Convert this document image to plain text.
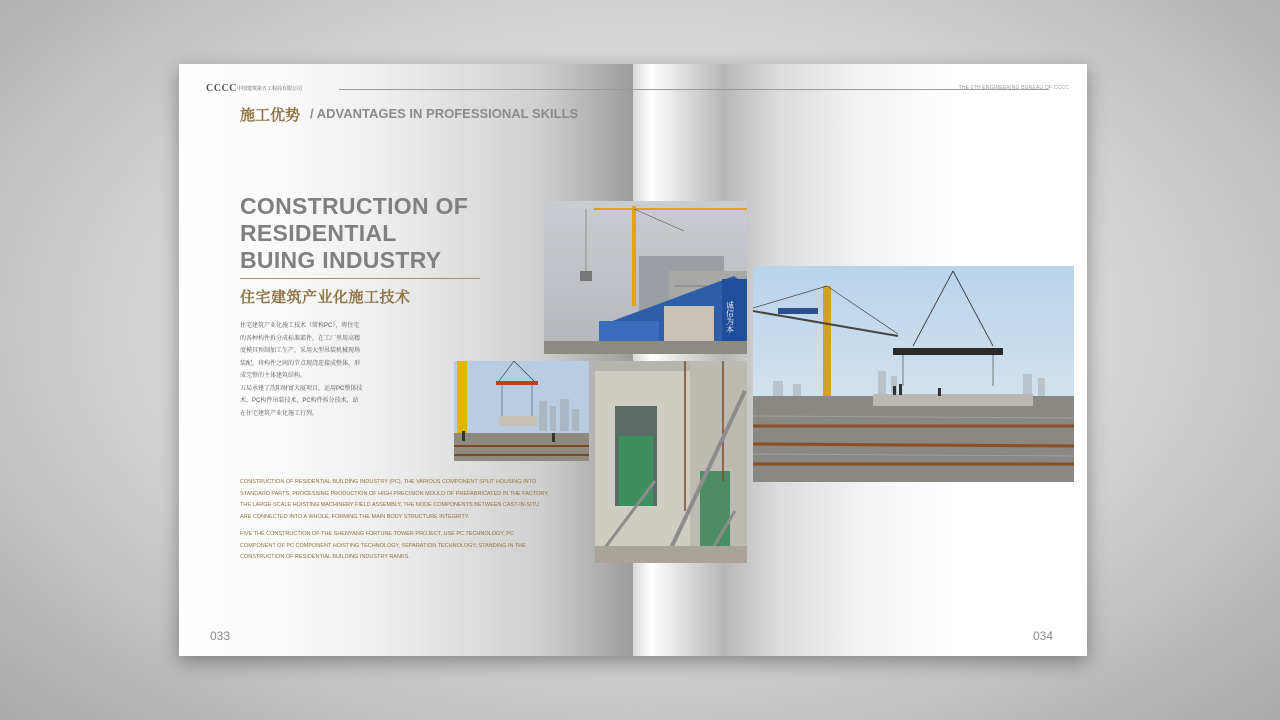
CCCC 中国建筑第五工程局有限公司	THE 5TH ENGINEERING BUREAU OF CCCC
施工优势 / ADVANTAGES IN PROFESSIONAL SKILLS
CONSTRUCTION OF
RESIDENTIAL
BUING INDUSTRY
住宅建筑产业化施工技术
住宅建筑产业化施工技术（简称PC），将住宅
的各种构件拆分成标准部件，在工厂里用高精
度模具预制加工生产，采用大型吊装机械现场
装配，将构件之间的节点现浇连接成整体，形
成完整的主体建筑结构。
五局承建了沈阳财富大厦项目，运用PC整体技
术，PC构件吊装技术，PC构件拆分技术，站
在住宅建筑产业化施工行列。

CONSTRUCTION OF RESIDENTIAL BUILDING INDUSTRY (PC), THE VARIOUS COMPONENT SPLIT HOUSING INTO STANDARD PARTS, PROCESSING PRODUCTION OF HIGH PRECISION MOULD OF PREFABRICATED IN THE FACTORY, THE LARGE-SCALE HOISTING MACHINERY FIELD ASSEMBLY, THE NODE COMPONENTS BETWEEN CAST-IN-SITU ARE CONNECTED INTO A WHOLE, FORMING THE MAIN BODY STRUCTURE INTEGRITY.

FIVE THE CONSTRUCTION OF THE SHENYANG FORTUNE TOWER PROJECT, USE PC TECHNOLOGY, PC COMPONENT OF PC COMPONENT HOISTING TECHNOLOGY, SEPARATION TECHNOLOGY, STANDING IN THE CONSTRUCTION OF RESIDENTIAL BUILDING INDUSTRY RANKS.

033	034
诚信为本
